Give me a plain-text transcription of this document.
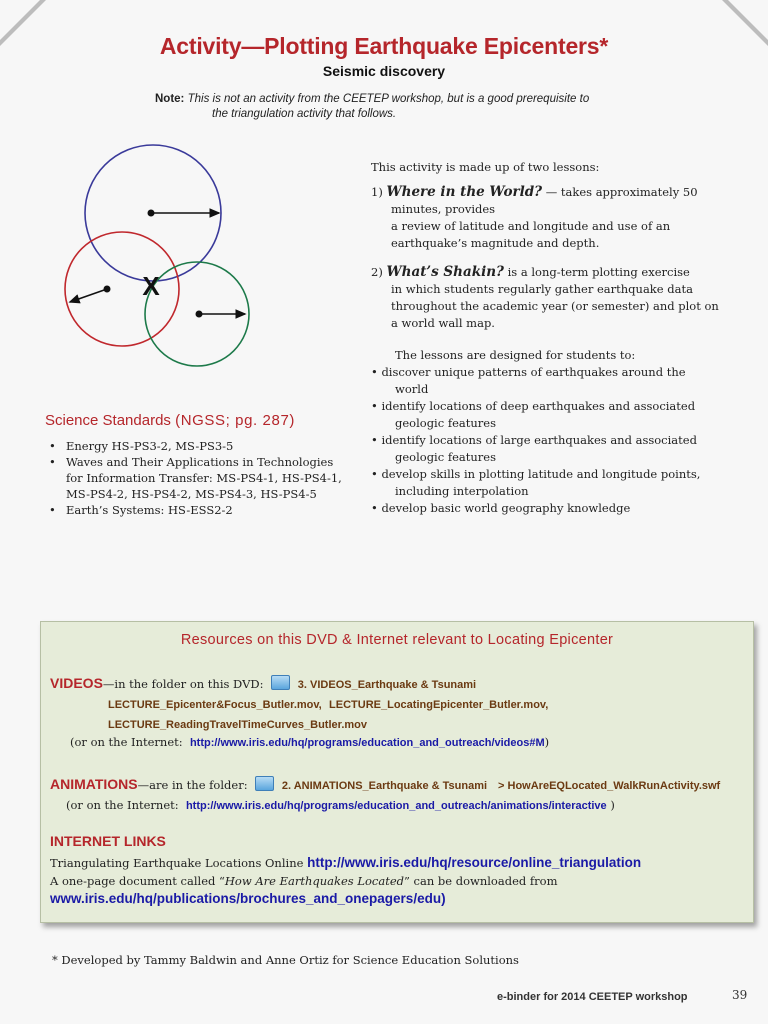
Activity—Plotting Earthquake Epicenters*
Seismic discovery
Note: This is not an activity from the CEETEP workshop, but is a good prerequisite to
the triangulation activity that follows.
X

This activity is made up of two lessons:

1) Where in the World? — takes approximately 50
minutes, provides
a review of latitude and longitude and use of an
earthquake’s magnitude and depth.

2) What’s Shakin? is a long-term plotting exercise
in which students regularly gather earthquake data
throughout the academic year (or semester) and plot on
a world wall map.

The lessons are designed for students to:

• discover unique patterns of earthquakes around the
world

• identify locations of deep earthquakes and associated
geologic features

• identify locations of large earthquakes and associated
geologic features

• develop skills in plotting latitude and longitude points,
including interpolation

• develop basic world geography knowledge

Science Standards (NGSS; pg. 287)
• Energy HS-PS3-2, MS-PS3-5
• Waves and Their Applications in Technologies
for Information Transfer: MS-PS4-1, HS-PS4-1,
MS-PS4-2, HS-PS4-2, MS-PS4-3, HS-PS4-5
• Earth’s Systems: HS-ESS2-2
Resources on this DVD & Internet relevant to Locating Epicenter
VIDEOS—in the folder on this DVD:	3. VIDEOS_Earthquake & Tsunami
LECTURE_Epicenter&Focus_Butler.mov, LECTURE_LocatingEpicenter_Butler.mov,
LECTURE_ReadingTravelTimeCurves_Butler.mov
(or on the Internet: http://www.iris.edu/hq/programs/education_and_outreach/videos#M)
ANIMATIONS—are in the folder:	2. ANIMATIONS_Earthquake & Tsunami > HowAreEQLocated_WalkRunActivity.swf
(or on the Internet: http://www.iris.edu/hq/programs/education_and_outreach/animations/interactive )
INTERNET LINKS
Triangulating Earthquake Locations Online http://www.iris.edu/hq/resource/online_triangulation
A one-page document called “How Are Earthquakes Located” can be downloaded from
www.iris.edu/hq/publications/brochures_and_onepagers/edu)
* Developed by Tammy Baldwin and Anne Ortiz for Science Education Solutions
e-binder for 2014 CEETEP workshop	39
